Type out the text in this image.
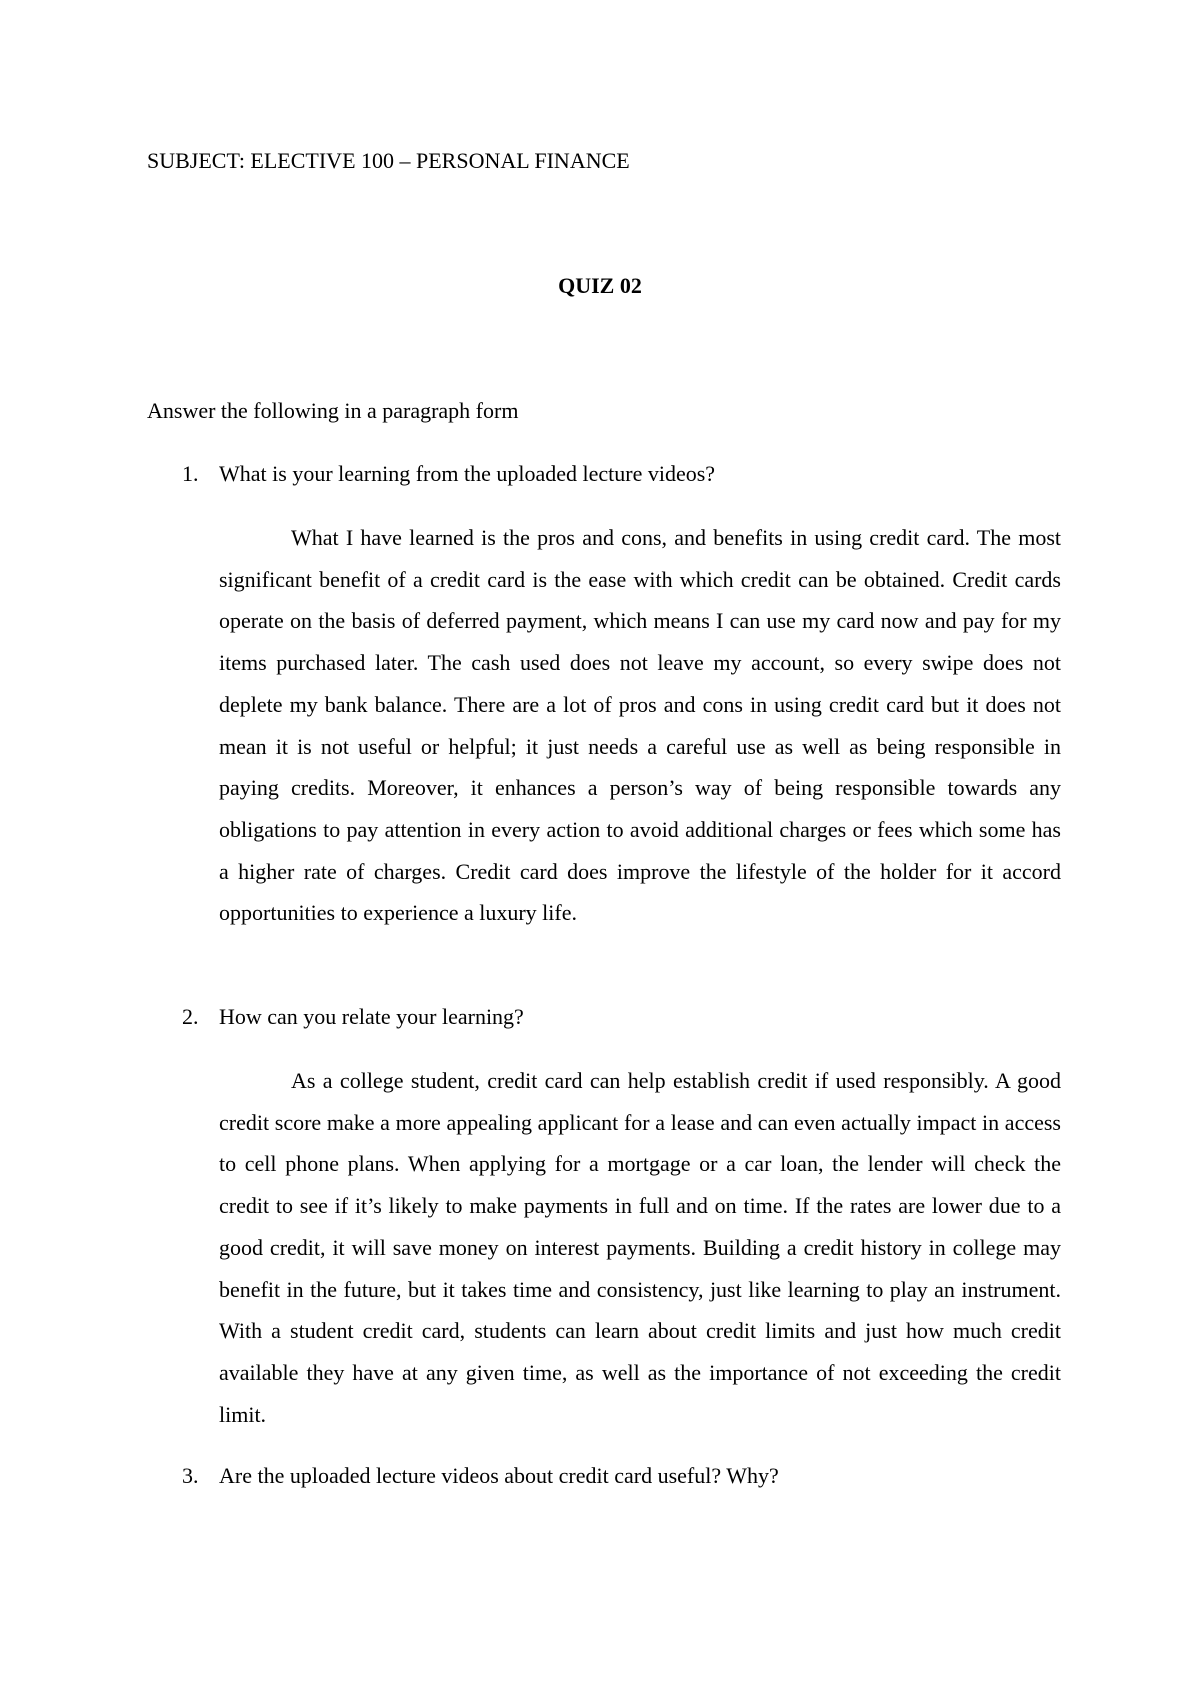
SUBJECT: ELECTIVE 100 – PERSONAL FINANCE
QUIZ 02
Answer the following in a paragraph form
1. What is your learning from the uploaded lecture videos?

What I have learned is the pros and cons, and benefits in using credit card. The most significant benefit of a credit card is the ease with which credit can be obtained. Credit cards operate on the basis of deferred payment, which means I can use my card now and pay for my items purchased later. The cash used does not leave my account, so every swipe does not deplete my bank balance. There are a lot of pros and cons in using credit card but it does not mean it is not useful or helpful; it just needs a careful use as well as being responsible in paying credits. Moreover, it enhances a person’s way of being responsible towards any obligations to pay attention in every action to avoid additional charges or fees which some has a higher rate of charges. Credit card does improve the lifestyle of the holder for it accord opportunities to experience a luxury life.

2. How can you relate your learning?

As a college student, credit card can help establish credit if used responsibly. A good credit score make a more appealing applicant for a lease and can even actually impact in access to cell phone plans. When applying for a mortgage or a car loan, the lender will check the credit to see if it’s likely to make payments in full and on time. If the rates are lower due to a good credit, it will save money on interest payments. Building a credit history in college may benefit in the future, but it takes time and consistency, just like learning to play an instrument. With a student credit card, students can learn about credit limits and just how much credit available they have at any given time, as well as the importance of not exceeding the credit limit.

3. Are the uploaded lecture videos about credit card useful? Why?
